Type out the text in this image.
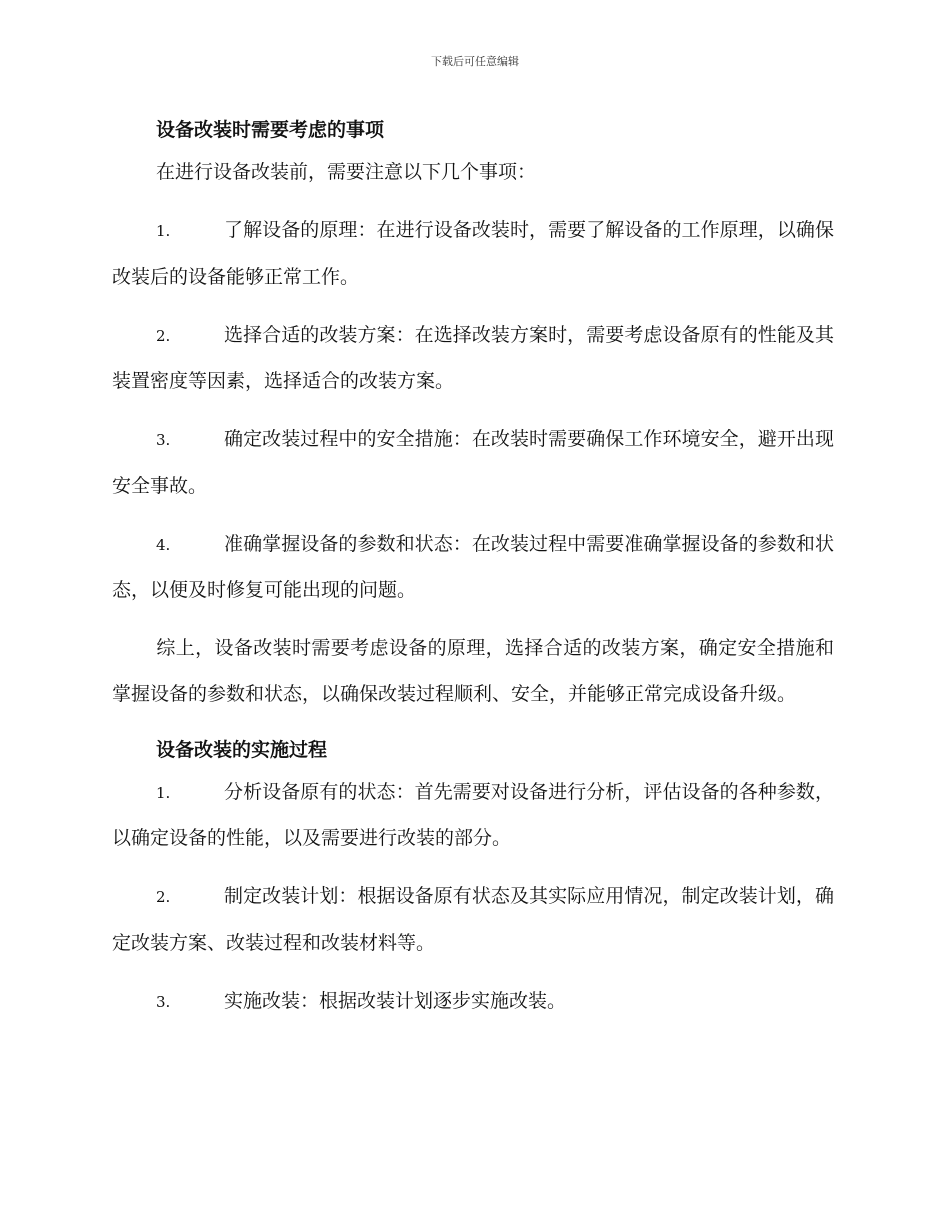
下载后可任意编辑
设备改装时需要考虑的事项
在进行设备改装前，需要注意以下几个事项：
1.	了解设备的原理：在进行设备改装时，需要了解设备的工作原理，以确保改装后的设备能够正常工作。
2.	选择合适的改装方案：在选择改装方案时，需要考虑设备原有的性能及其装置密度等因素，选择适合的改装方案。
3.	确定改装过程中的安全措施：在改装时需要确保工作环境安全，避开出现安全事故。
4.	准确掌握设备的参数和状态：在改装过程中需要准确掌握设备的参数和状态，以便及时修复可能出现的问题。
综上，设备改装时需要考虑设备的原理，选择合适的改装方案，确定安全措施和掌握设备的参数和状态，以确保改装过程顺利、安全，并能够正常完成设备升级。
设备改装的实施过程
1.	分析设备原有的状态：首先需要对设备进行分析，评估设备的各种参数，以确定设备的性能，以及需要进行改装的部分。
2.	制定改装计划：根据设备原有状态及其实际应用情况，制定改装计划，确定改装方案、改装过程和改装材料等。
3.	实施改装：根据改装计划逐步实施改装。
